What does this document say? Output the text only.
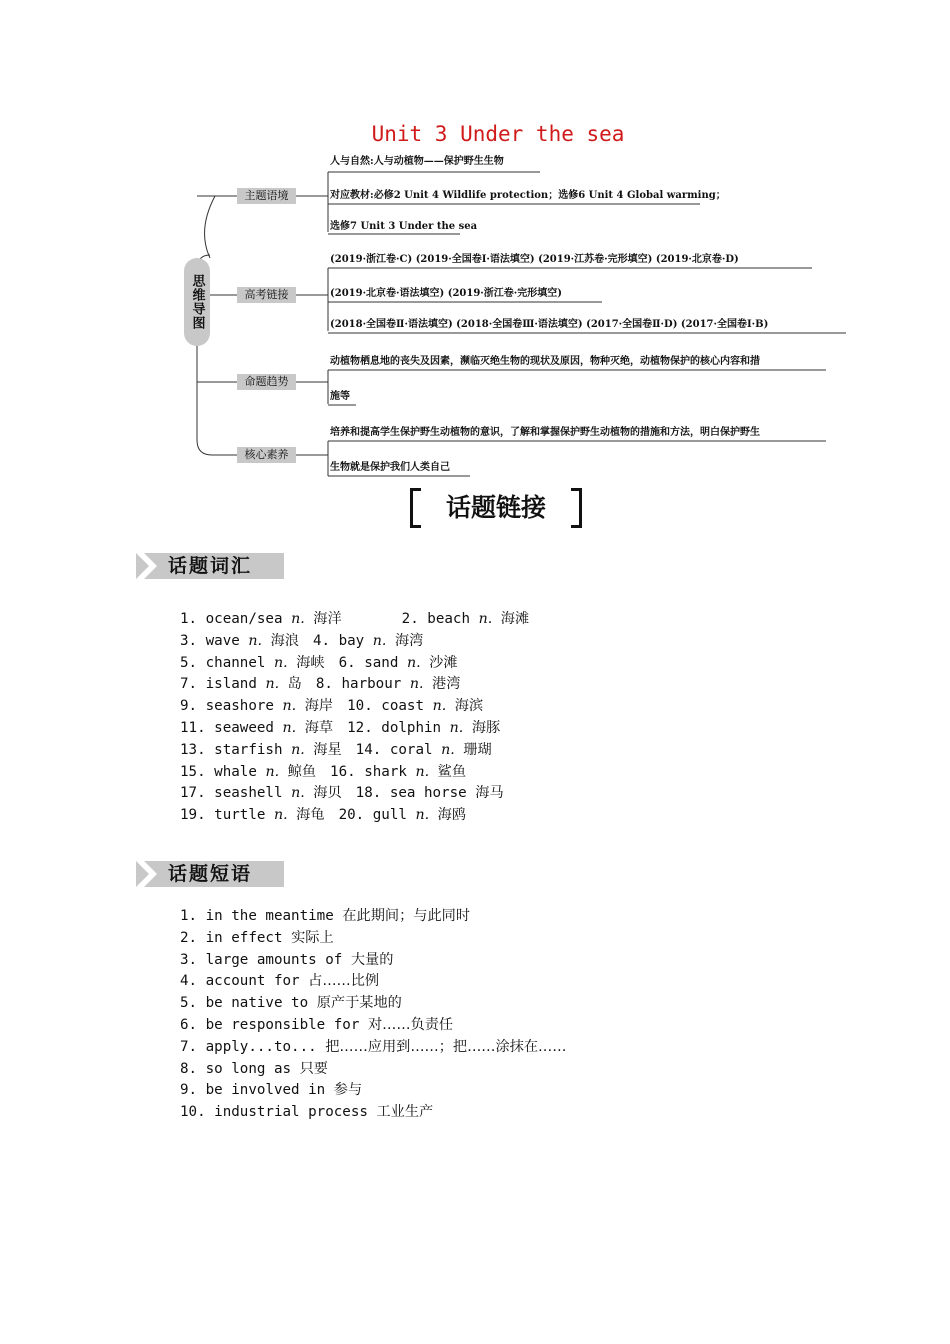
Unit 3 Under the sea
思维导图
主题语境
人与自然:人与动植物——保护野生生物
对应教材:必修2 Unit 4 Wildlife protection；选修6 Unit 4 Global warming；
选修7 Unit 3 Under the sea
高考链接
(2019·浙江卷·C) (2019·全国卷Ⅰ·语法填空) (2019·江苏卷·完形填空) (2019·北京卷·D)
(2019·北京卷·语法填空) (2019·浙江卷·完形填空)
(2018·全国卷Ⅱ·语法填空) (2018·全国卷Ⅲ·语法填空) (2017·全国卷Ⅱ·D) (2017·全国卷Ⅰ·B)
命题趋势
动植物栖息地的丧失及因素，濒临灭绝生物的现状及原因，物种灭绝，动植物保护的核心内容和措
施等
核心素养
培养和提高学生保护野生动植物的意识，了解和掌握保护野生动植物的措施和方法，明白保护野生
生物就是保护我们人类自己
话题链接
话题词汇
1. ocean/sea n. 海洋	2. beach n. 海滩
3. wave n. 海浪 4. bay n. 海湾
5. channel n. 海峡 6. sand n. 沙滩
7. island n. 岛 8. harbour n. 港湾
9. seashore n. 海岸 10. coast n. 海滨
11. seaweed n. 海草 12. dolphin n. 海豚
13. starfish n. 海星 14. coral n. 珊瑚
15. whale n. 鲸鱼 16. shark n. 鲨鱼
17. seashell n. 海贝 18. sea horse 海马
19. turtle n. 海龟 20. gull n. 海鸥
话题短语
1. in the meantime 在此期间；与此同时
2. in effect 实际上
3. large amounts of 大量的
4. account for 占……比例
5. be native to 原产于某地的
6. be responsible for 对……负责任
7. apply...to... 把……应用到……；把……涂抹在……
8. so long as 只要
9. be involved in 参与
10. industrial process 工业生产
